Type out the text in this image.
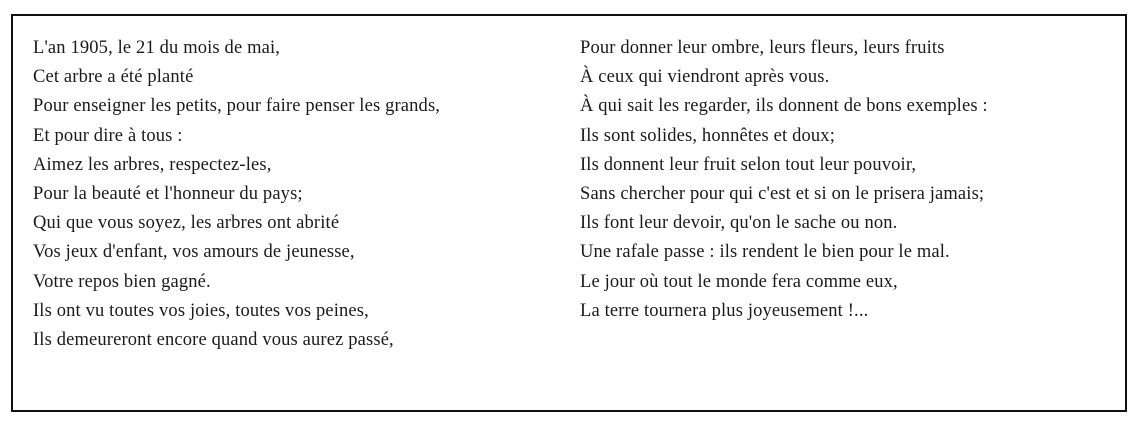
L'an 1905, le 21 du mois de mai,
Cet arbre a été planté
Pour enseigner les petits, pour faire penser les grands,
Et pour dire à tous :
Aimez les arbres, respectez-les,
Pour la beauté et l'honneur du pays;
Qui que vous soyez, les arbres ont abrité
Vos jeux d'enfant, vos amours de jeunesse,
Votre repos bien gagné.
Ils ont vu toutes vos joies, toutes vos peines,
Ils demeureront encore quand vous aurez passé,
Pour donner leur ombre, leurs fleurs, leurs fruits
À ceux qui viendront après vous.
À qui sait les regarder, ils donnent de bons exemples :
Ils sont solides, honnêtes et doux;
Ils donnent leur fruit selon tout leur pouvoir,
Sans chercher pour qui c'est et si on le prisera jamais;
Ils font leur devoir, qu'on le sache ou non.
Une rafale passe : ils rendent le bien pour le mal.
Le jour où tout le monde fera comme eux,
La terre tournera plus joyeusement !...
